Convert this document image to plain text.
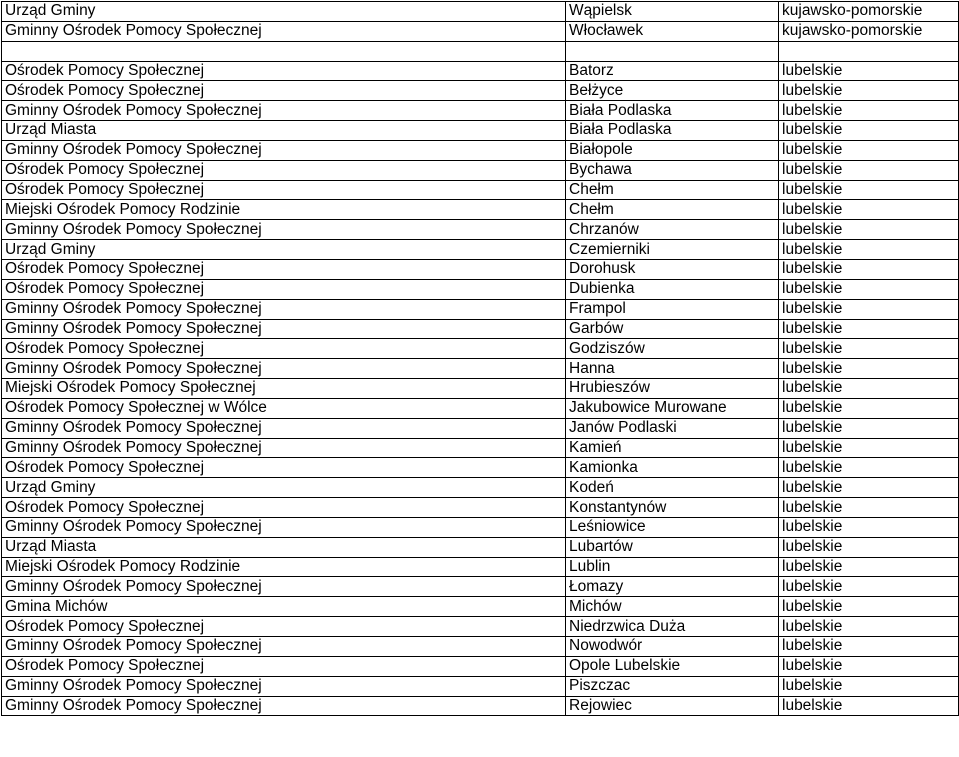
Urząd Gminy	Wąpielsk	kujawsko-pomorskie
Gminny Ośrodek Pomocy Społecznej	Włocławek	kujawsko-pomorskie

Ośrodek Pomocy Społecznej	Batorz	lubelskie
Ośrodek Pomocy Społecznej	Bełżyce	lubelskie
Gminny Ośrodek Pomocy Społecznej	Biała Podlaska	lubelskie
Urząd Miasta	Biała Podlaska	lubelskie
Gminny Ośrodek Pomocy Społecznej	Białopole	lubelskie
Ośrodek Pomocy Społecznej	Bychawa	lubelskie
Ośrodek Pomocy Społecznej	Chełm	lubelskie
Miejski Ośrodek Pomocy Rodzinie	Chełm	lubelskie
Gminny Ośrodek Pomocy Społecznej	Chrzanów	lubelskie
Urząd Gminy	Czemierniki	lubelskie
Ośrodek Pomocy Społecznej	Dorohusk	lubelskie
Ośrodek Pomocy Społecznej	Dubienka	lubelskie
Gminny Ośrodek Pomocy Społecznej	Frampol	lubelskie
Gminny Ośrodek Pomocy Społecznej	Garbów	lubelskie
Ośrodek Pomocy Społecznej	Godziszów	lubelskie
Gminny Ośrodek Pomocy Społecznej	Hanna	lubelskie
Miejski Ośrodek Pomocy Społecznej	Hrubieszów	lubelskie
Ośrodek Pomocy Społecznej w Wólce	Jakubowice Murowane	lubelskie
Gminny Ośrodek Pomocy Społecznej	Janów Podlaski	lubelskie
Gminny Ośrodek Pomocy Społecznej	Kamień	lubelskie
Ośrodek Pomocy Społecznej	Kamionka	lubelskie
Urząd Gminy	Kodeń	lubelskie
Ośrodek Pomocy Społecznej	Konstantynów	lubelskie
Gminny Ośrodek Pomocy Społecznej	Leśniowice	lubelskie
Urząd Miasta	Lubartów	lubelskie
Miejski Ośrodek Pomocy Rodzinie	Lublin	lubelskie
Gminny Ośrodek Pomocy Społecznej	Łomazy	lubelskie
Gmina Michów	Michów	lubelskie
Ośrodek Pomocy Społecznej	Niedrzwica Duża	lubelskie
Gminny Ośrodek Pomocy Społecznej	Nowodwór	lubelskie
Ośrodek Pomocy Społecznej	Opole Lubelskie	lubelskie
Gminny Ośrodek Pomocy Społecznej	Piszczac	lubelskie
Gminny Ośrodek Pomocy Społecznej	Rejowiec	lubelskie
